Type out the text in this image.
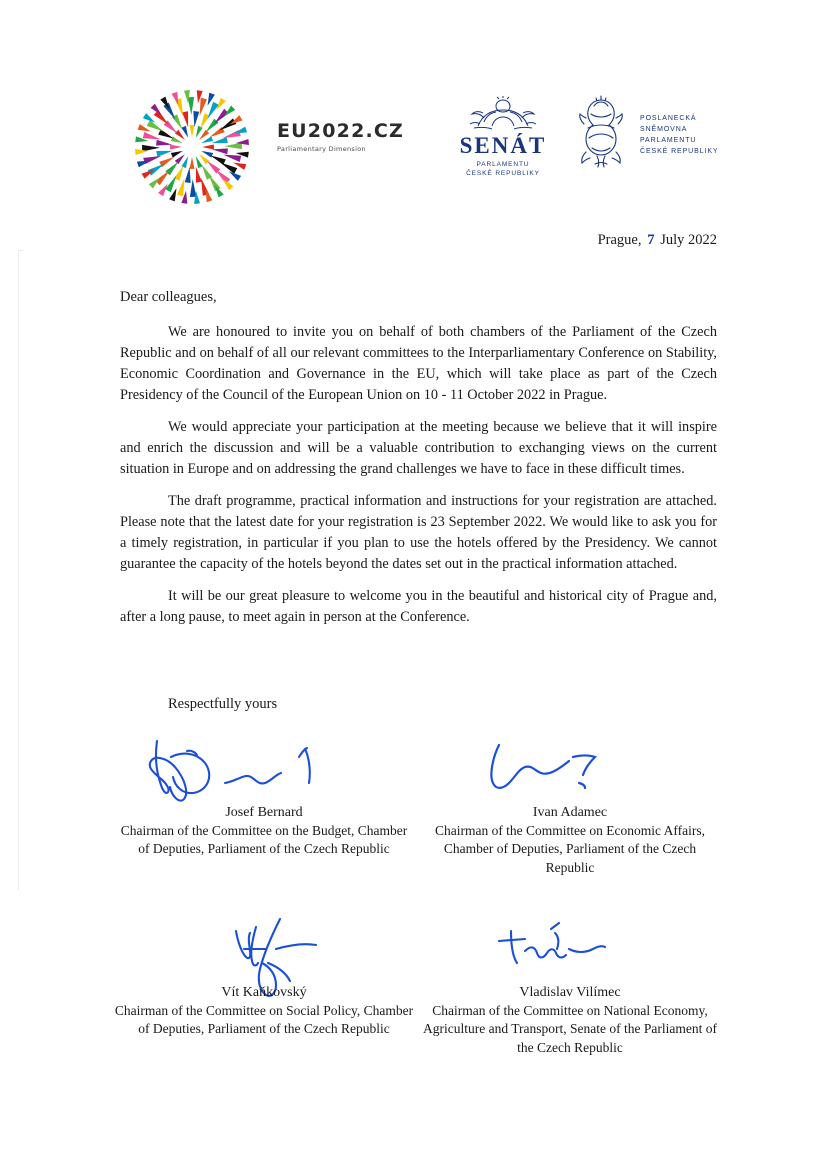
EU2022.CZ
Parliamentary Dimension	SENÁT
PARLAMENTU
ČESKÉ REPUBLIKY
POSLANECKÁ
SNĚMOVNA
PARLAMENTU
ČESKÉ REPUBLIKY
Prague, 7 July 2022
Dear colleagues,

We are honoured to invite you on behalf of both chambers of the Parliament of the Czech Republic and on behalf of all our relevant committees to the Interparliamentary Conference on Stability, Economic Coordination and Governance in the EU, which will take place as part of the Czech Presidency of the Council of the European Union on 10 - 11 October 2022 in Prague.

We would appreciate your participation at the meeting because we believe that it will inspire and enrich the discussion and will be a valuable contribution to exchanging views on the current situation in Europe and on addressing the grand challenges we have to face in these difficult times.

The draft programme, practical information and instructions for your registration are attached. Please note that the latest date for your registration is 23 September 2022. We would like to ask you for a timely registration, in particular if you plan to use the hotels offered by the Presidency. We cannot guarantee the capacity of the hotels beyond the dates set out in the practical information attached.

It will be our great pleasure to welcome you in the beautiful and historical city of Prague and, after a long pause, to meet again in person at the Conference.

Respectfully yours
Josef Bernard
Chairman of the Committee on the Budget, Chamber of Deputies, Parliament of the Czech Republic
Ivan Adamec
Chairman of the Committee on Economic Affairs, Chamber of Deputies, Parliament of the Czech Republic
Vít Kaňkovský
Chairman of the Committee on Social Policy, Chamber of Deputies, Parliament of the Czech Republic
Vladislav Vilímec
Chairman of the Committee on National Economy, Agriculture and Transport, Senate of the Parliament of the Czech Republic
